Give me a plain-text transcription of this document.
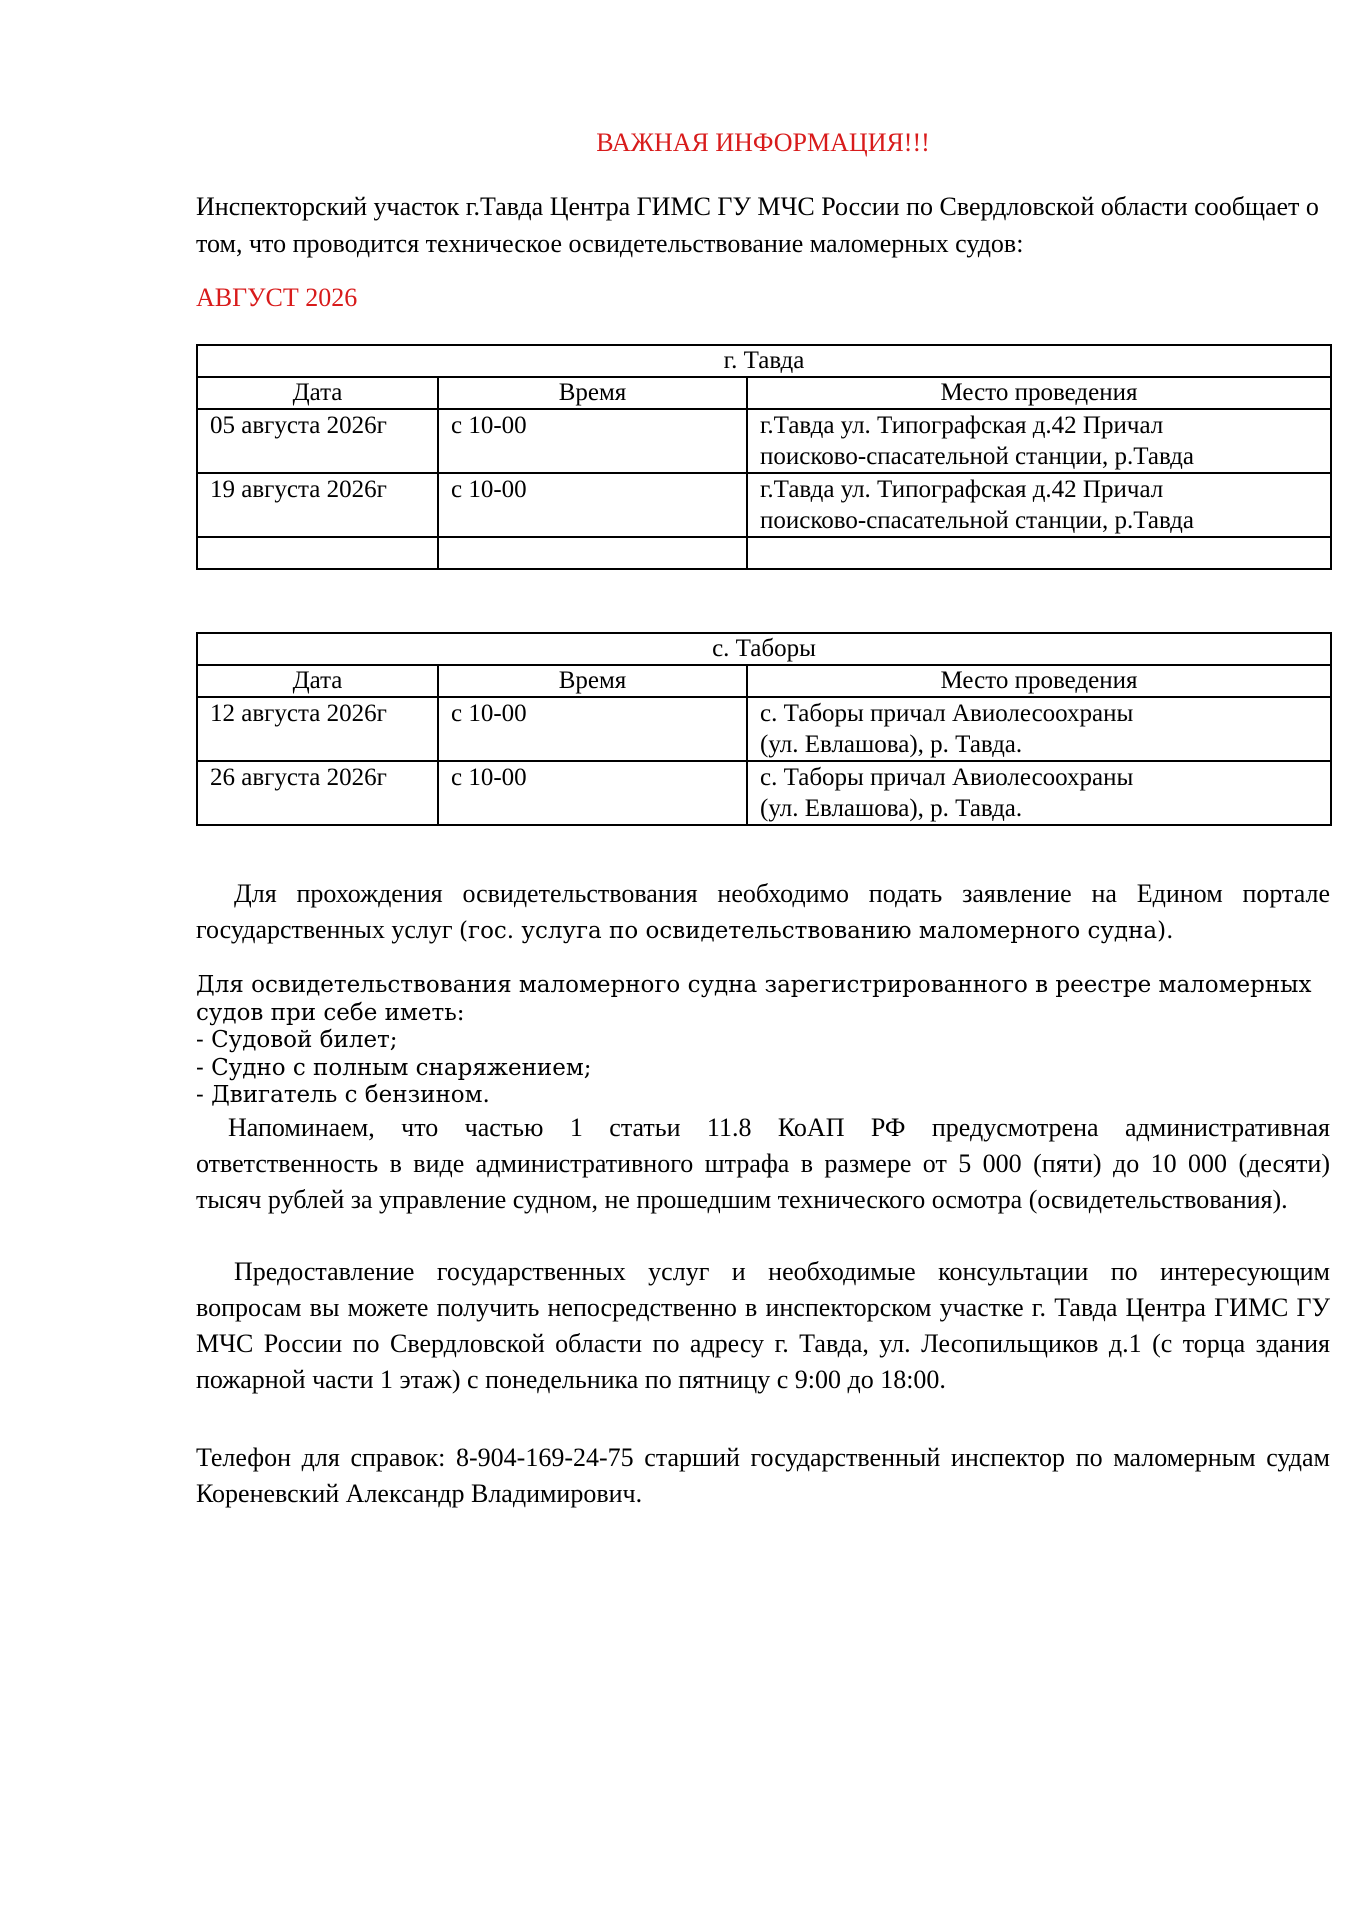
ВАЖНАЯ ИНФОРМАЦИЯ!!!
Инспекторский участок г.Тавда Центра ГИМС ГУ МЧС России по Свердловской области сообщает о том, что проводится техническое освидетельствование маломерных судов:
АВГУСТ 2026
г. Тавда		
Дата	Время	Место проведения
05 августа 2026г	с 10-00	г.Тавда ул. Типографская д.42 Причал
поисково-спасательной станции, р.Тавда

19 августа 2026г	с 10-00	г.Тавда ул. Типографская д.42 Причал
поисково-спасательной станции, р.Тавда

с. Таборы		
Дата	Время	Место проведения
12 августа 2026г	с 10-00	с. Таборы причал Авиолесоохраны
(ул. Евлашова), р. Тавда.

26 августа 2026г	с 10-00	с. Таборы причал Авиолесоохраны
(ул. Евлашова), р. Тавда.
Для прохождения освидетельствования необходимо подать заявление на Едином портале государственных услуг (гос. услуга по освидетельствованию маломерного судна).
Для освидетельствования маломерного судна зарегистрированного в реестре маломерных судов при себе иметь:
- Судовой билет;
- Судно с полным снаряжением;
- Двигатель с бензином.
Напоминаем, что частью 1 статьи 11.8 КоАП РФ предусмотрена административная ответственность в виде административного штрафа в размере от 5 000 (пяти) до 10 000 (десяти) тысяч рублей за управление судном, не прошедшим технического осмотра (освидетельствования).
Предоставление государственных услуг и необходимые консультации по интересующим вопросам вы можете получить непосредственно в инспекторском участке г. Тавда Центра ГИМС ГУ МЧС России по Свердловской области по адресу г. Тавда, ул. Лесопильщиков д.1 (с торца здания пожарной части 1 этаж) с понедельника по пятницу с 9:00 до 18:00.
Телефон для справок: 8-904-169-24-75 старший государственный инспектор по маломерным судам Кореневский Александр Владимирович.
